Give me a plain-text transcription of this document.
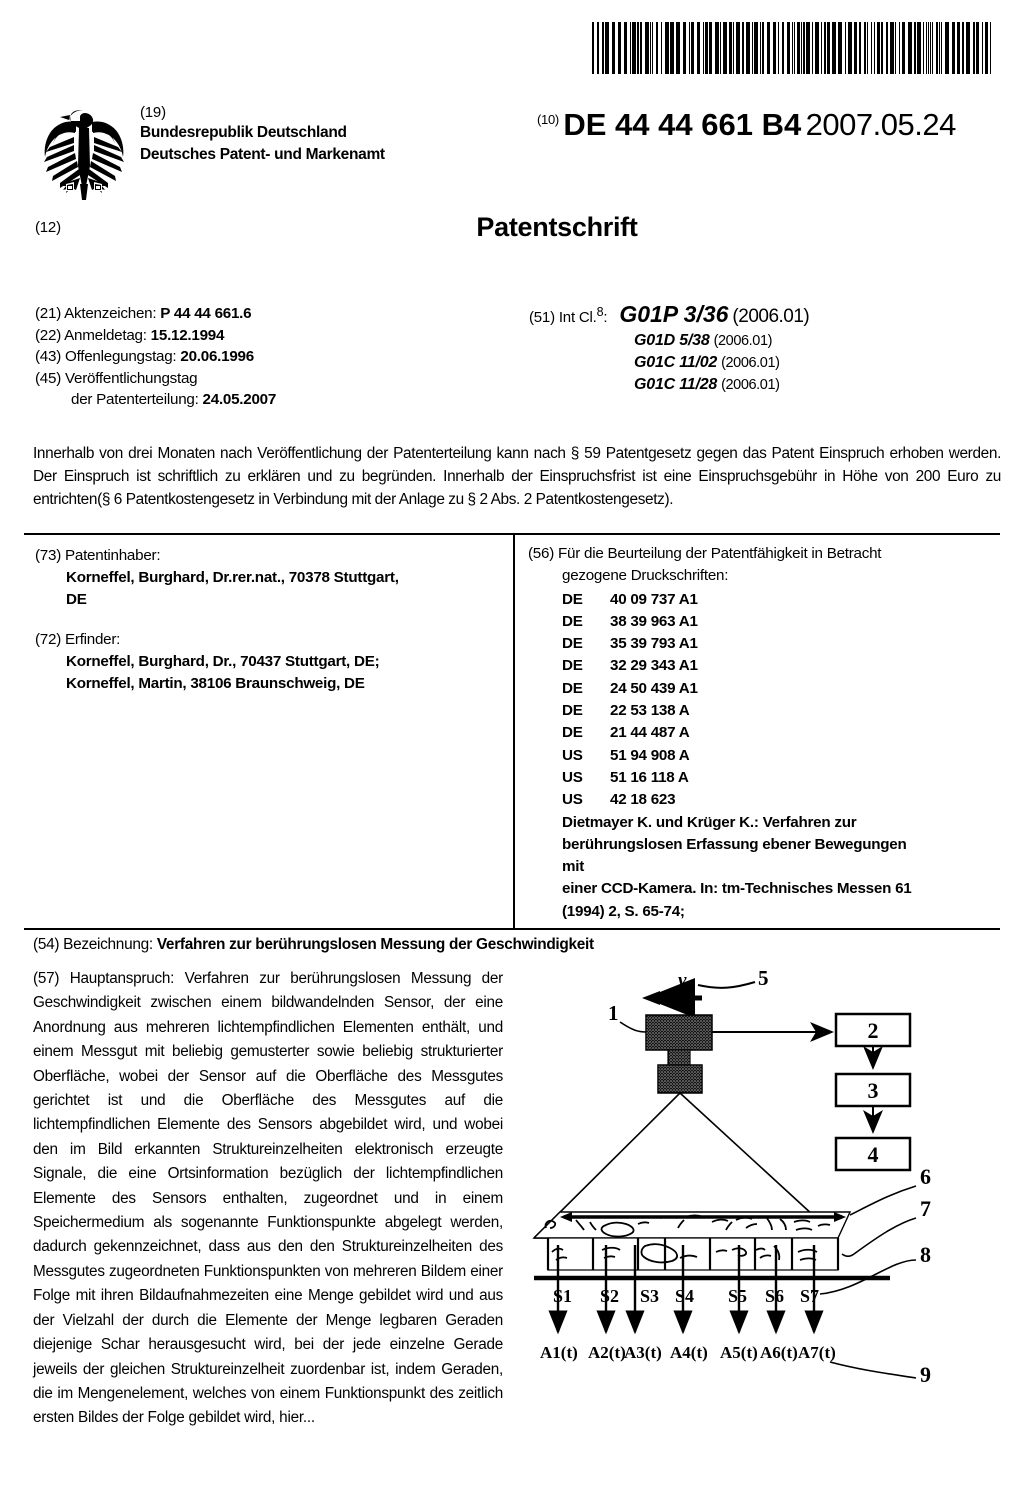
(19)
Bundesrepublik Deutschland
Deutsches Patent- und Markenamt
$^{(10)}$ DE 44 44 661 B4 2007.05.24
(12)	Patentschrift
(21) Aktenzeichen: P 44 44 661.6
(22) Anmeldetag: 15.12.1994
(43) Offenlegungstag: 20.06.1996
(45) Veröffentlichungstag
der Patenterteilung: 24.05.2007
(51) Int Cl.$^8$: G01P 3/36 (2006.01)
G01D 5/38 (2006.01)
G01C 11/02 (2006.01)
G01C 11/28 (2006.01)
Innerhalb von drei Monaten nach Veröffentlichung der Patenterteilung kann nach § 59 Patentgesetz gegen das Patent Einspruch erhoben werden. Der Einspruch ist schriftlich zu erklären und zu begründen. Innerhalb der Einspruchsfrist ist eine Einspruchsgebühr in Höhe von 200 Euro zu entrichten(§ 6 Patentkostengesetz in Verbindung mit der Anlage zu § 2 Abs. 2 Patentkostengesetz).
(73) Patentinhaber:
Korneffel, Burghard, Dr.rer.nat., 70378 Stuttgart,
DE
(72) Erfinder:
Korneffel, Burghard, Dr., 70437 Stuttgart, DE;
Korneffel, Martin, 38106 Braunschweig, DE
(56) Für die Beurteilung der Patentfähigkeit in Betracht
gezogene Druckschriften:
DE 40 09 737 A1
DE 38 39 963 A1
DE 35 39 793 A1
DE 32 29 343 A1
DE 24 50 439 A1
DE 22 53 138 A
DE 21 44 487 A
US 51 94 908 A
US 51 16 118 A
US 42 18 623
Dietmayer K. und Krüger K.: Verfahren zur
berührungslosen Erfassung ebener Bewegungen
mit
einer CCD-Kamera. In: tm-Technisches Messen 61
(1994) 2, S. 65-74;
(54) Bezeichnung: Verfahren zur berührungslosen Messung der Geschwindigkeit
(57) Hauptanspruch: Verfahren zur berührungslosen Messung der Geschwindigkeit zwischen einem bildwandelnden Sensor, der eine Anordnung aus mehreren lichtempfindlichen Elementen enthält, und einem Messgut mit beliebig gemusterter sowie beliebig strukturierter Oberfläche, wobei der Sensor auf die Oberfläche des Messgutes gerichtet ist und die Oberfläche des Messgutes auf die lichtempfindlichen Elemente des Sensors abgebildet wird, und wobei den im Bild erkannten Struktureinzelheiten elektronisch erzeugte Signale, die eine Ortsinformation bezüglich der lichtempfindlichen Elemente des Sensors enthalten, zugeordnet und in einem Speichermedium als sogenannte Funktionspunkte abgelegt werden, dadurch gekennzeichnet, dass aus den den Struktureinzelheiten des Messgutes zugeordneten Funktionspunkten von mehreren Bildem einer Folge mit ihren Bildaufnahmezeiten eine Menge gebildet wird und aus der Vielzahl der durch die Elemente der Menge legbaren Geraden diejenige Schar herausgesucht wird, bei der jede einzelne Gerade jeweils der gleichen Struktureinzelheit zuordenbar ist, indem Geraden, die im Mengenelement, welches von einem Funktionspunkt des zeitlich ersten Bildes der Folge gebildet wird, hier...
v	5
1
2
3
4
6
7
S1 S2 S3 S4 S5 S6 S7
8
A1(t) A2(t)
A3(t) A4(t) A5(t) A6(t) A7(t)
9
